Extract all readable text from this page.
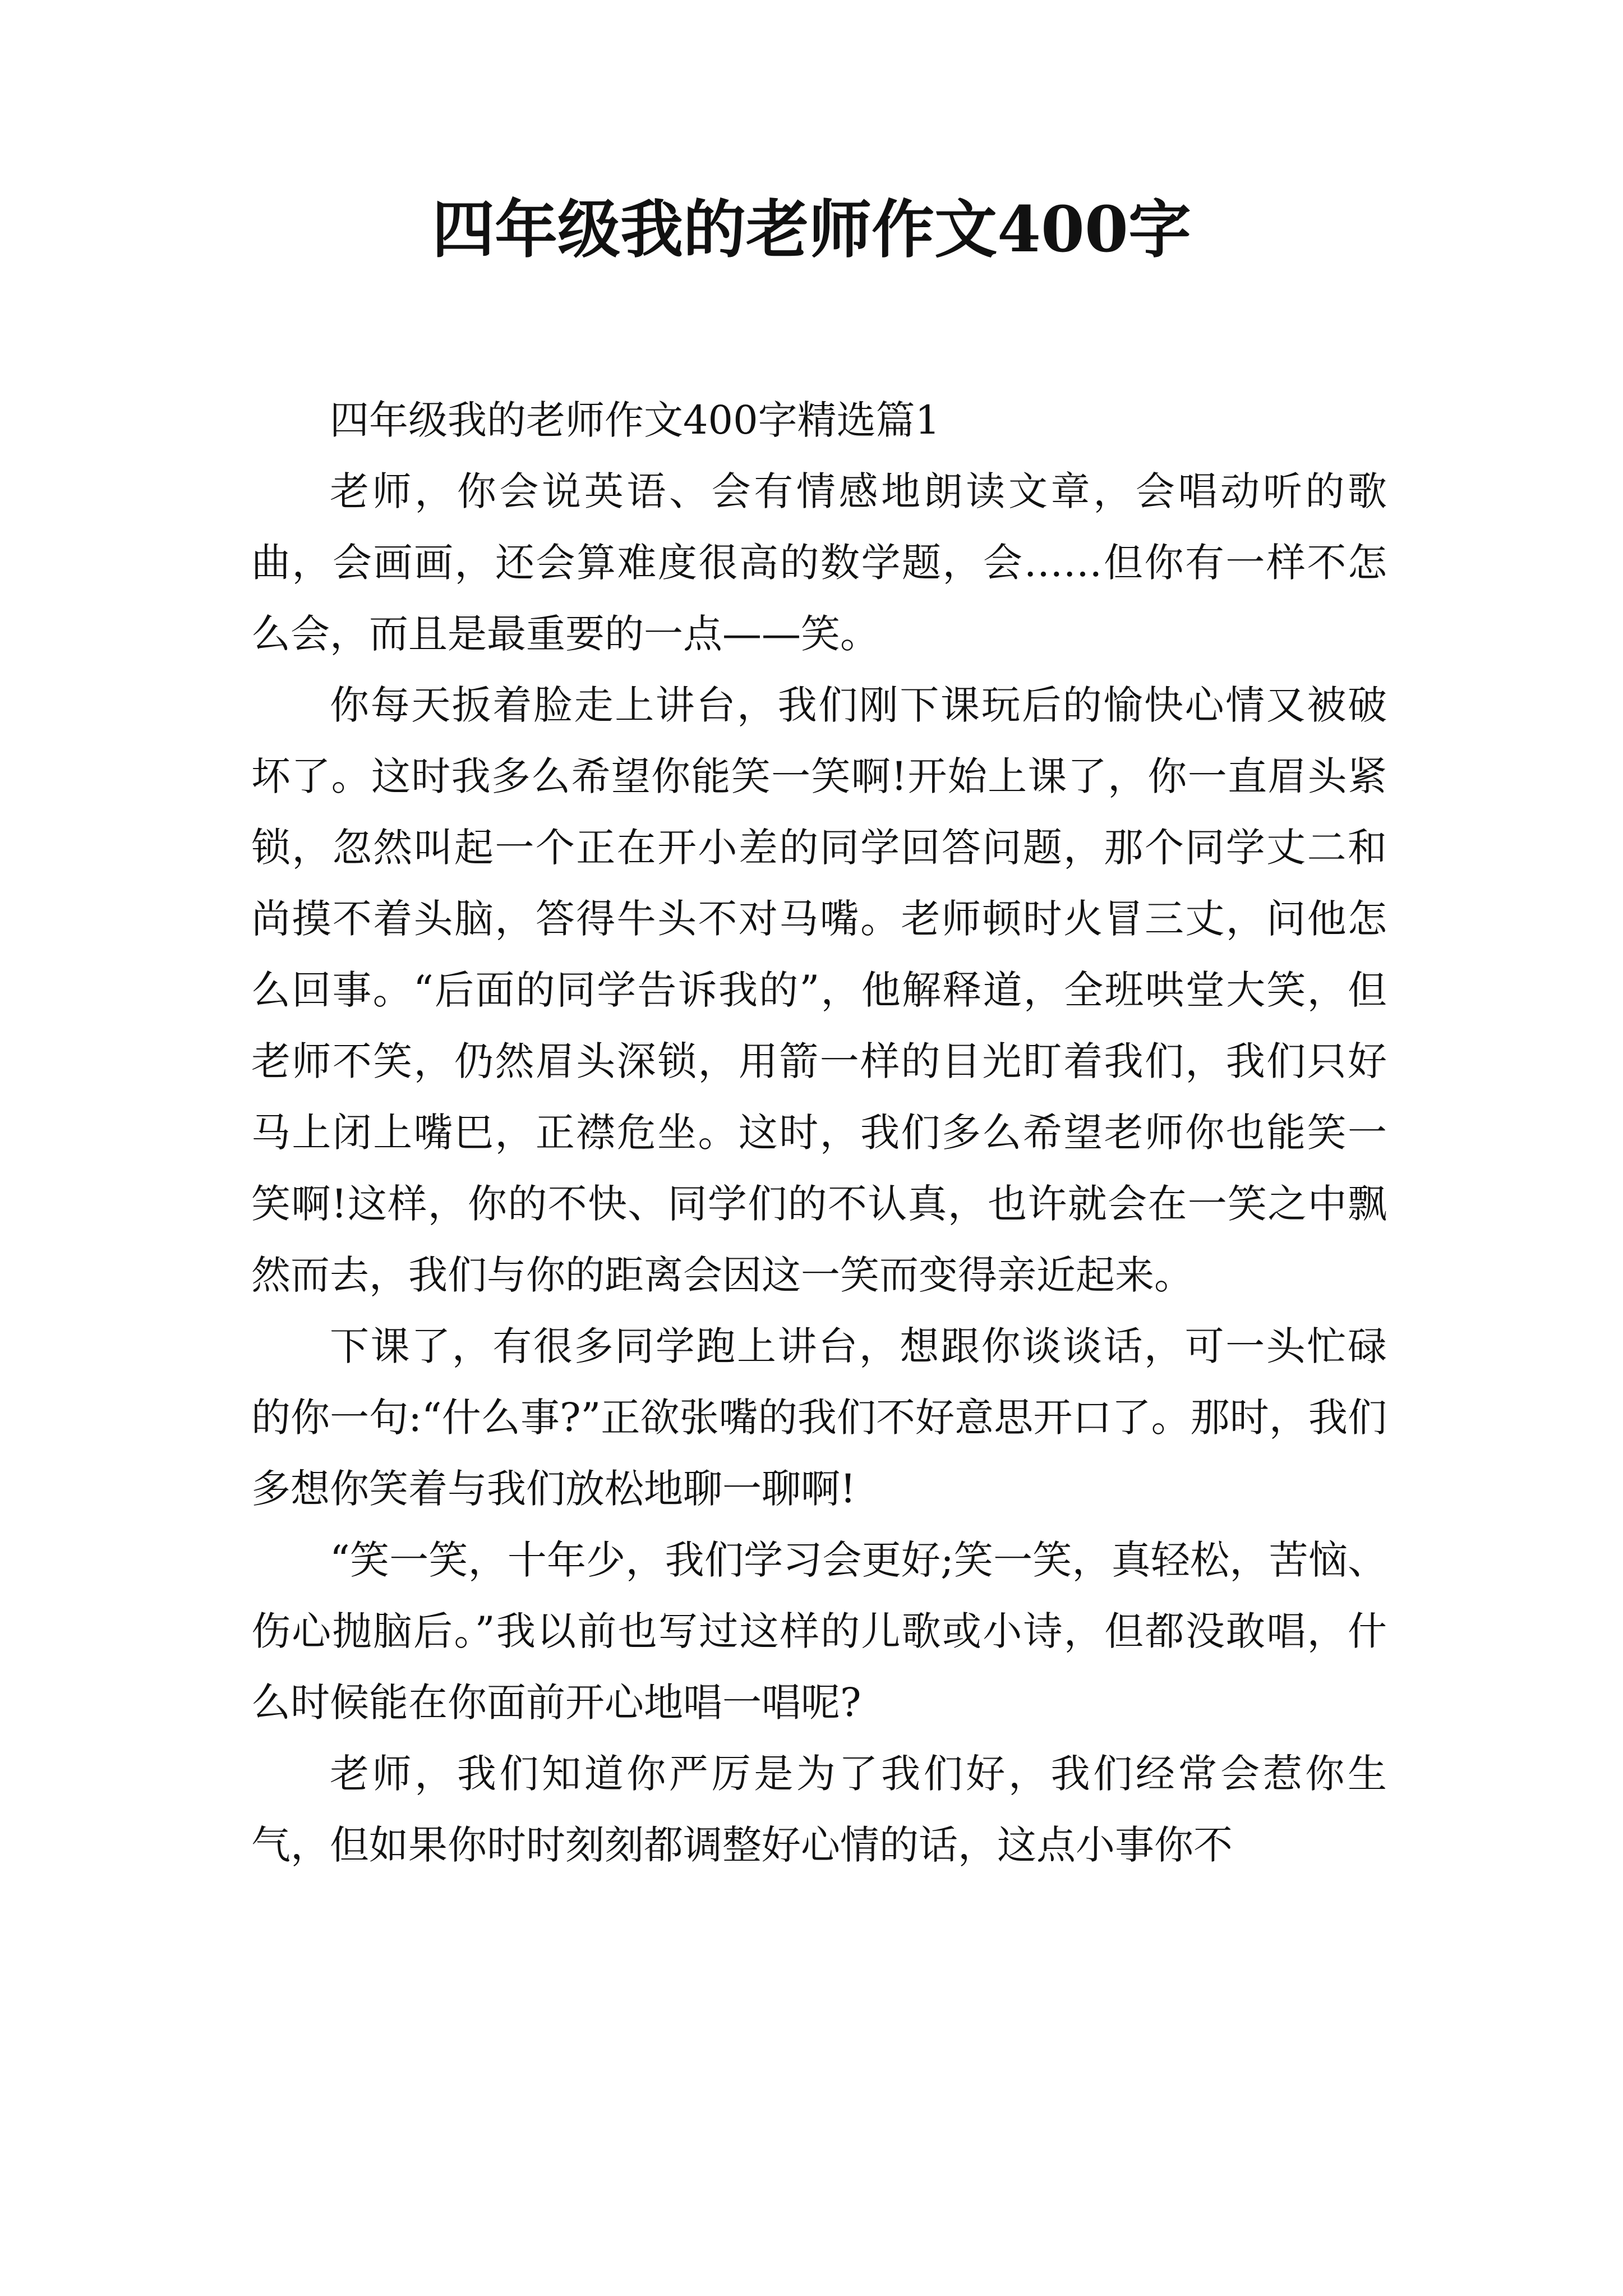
四年级我的老师作文400字

四年级我的老师作文400字精选篇1

老师，你会说英语、会有情感地朗读文章，会唱动听的歌曲，会画画，还会算难度很高的数学题，会……但你有一样不怎么会，而且是最重要的一点——笑。

你每天扳着脸走上讲台，我们刚下课玩后的愉快心情又被破坏了。这时我多么希望你能笑一笑啊!开始上课了，你一直眉头紧锁，忽然叫起一个正在开小差的同学回答问题，那个同学丈二和尚摸不着头脑，答得牛头不对马嘴。老师顿时火冒三丈，问他怎么回事。“后面的同学告诉我的”，他解释道，全班哄堂大笑，但老师不笑，仍然眉头深锁，用箭一样的目光盯着我们，我们只好马上闭上嘴巴，正襟危坐。这时，我们多么希望老师你也能笑一笑啊!这样，你的不快、同学们的不认真，也许就会在一笑之中飘然而去，我们与你的距离会因这一笑而变得亲近起来。

下课了，有很多同学跑上讲台，想跟你谈谈话，可一头忙碌的你一句:“什么事?”正欲张嘴的我们不好意思开口了。那时，我们多想你笑着与我们放松地聊一聊啊!

“笑一笑，十年少，我们学习会更好;笑一笑，真轻松，苦恼、伤心抛脑后。”我以前也写过这样的儿歌或小诗，但都没敢唱，什么时候能在你面前开心地唱一唱呢?

老师，我们知道你严厉是为了我们好，我们经常会惹你生气，但如果你时时刻刻都调整好心情的话，这点小事你不
